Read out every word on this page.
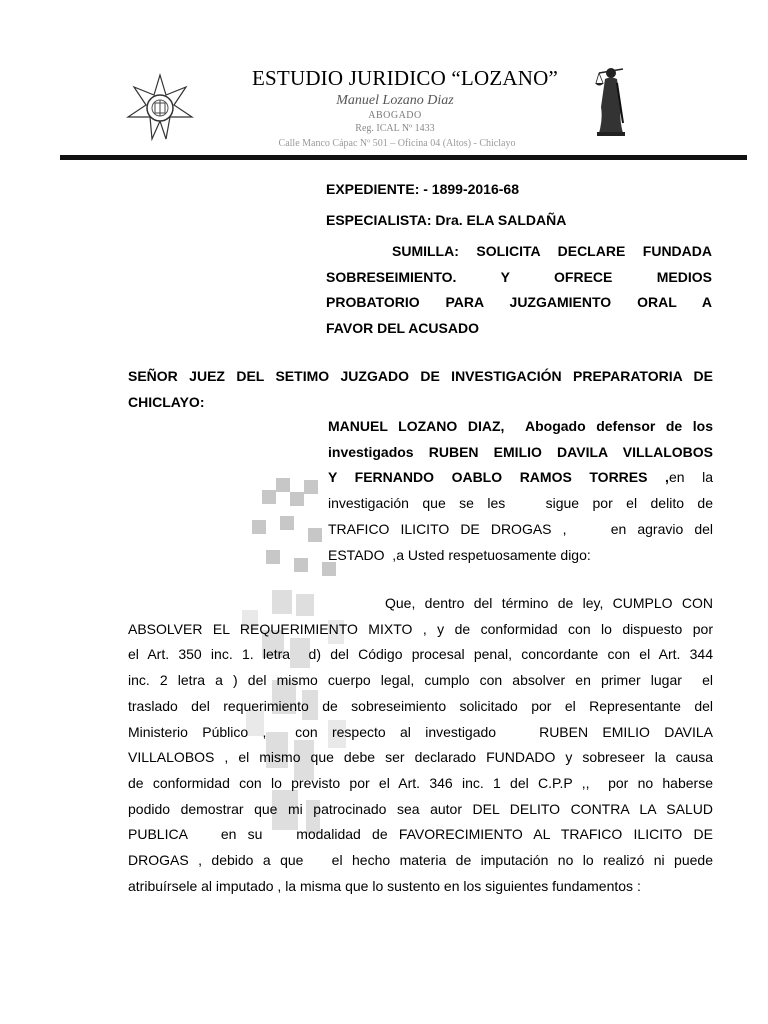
ESTUDIO JURIDICO “LOZANO”
Manuel Lozano Diaz
ABOGADO
Reg. ICAL Nº 1433
Calle Manco Cápac Nº 501 – Oficina 04 (Altos) - Chiclayo
EXPEDIENTE: - 1899-2016-68
ESPECIALISTA: Dra. ELA SALDAÑA
SUMILLA: SOLICITA DECLARE FUNDADA
SOBRESEIMIENTO. Y OFRECE MEDIOS
PROBATORIO PARA JUZGAMIENTO ORAL A
FAVOR DEL ACUSADO
SEÑOR JUEZ DEL SETIMO JUZGADO DE INVESTIGACIÓN PREPARATORIA DE
CHICLAYO:
MANUEL LOZANO DIAZ,  Abogado defensor de los
investigados RUBEN EMILIO DAVILA VILLALOBOS
Y FERNANDO OABLO RAMOS TORRES ,en la
investigación que se les   sigue por el delito de
TRAFICO ILICITO DE DROGAS ,    en agravio del
ESTADO  ,a Usted respetuosamente digo:
Que, dentro del término de ley, CUMPLO CON
ABSOLVER EL REQUERIMIENTO MIXTO , y de conformidad con lo dispuesto por
el Art. 350 inc. 1. letra  d) del Código procesal penal, concordante con el Art. 344
inc. 2 letra a ) del mismo cuerpo legal, cumplo con absolver en primer lugar  el
traslado del requerimiento de sobreseimiento solicitado por el Representante del
Ministerio Público ,  con respecto al investigado   RUBEN EMILIO DAVILA
VILLALOBOS , el mismo que debe ser declarado FUNDADO y sobreseer la causa
de conformidad con lo previsto por el Art. 346 inc. 1 del C.P.P ,,  por no haberse
podido demostrar que mi patrocinado sea autor DEL DELITO CONTRA LA SALUD
PUBLICA   en su   modalidad de FAVORECIMIENTO AL TRAFICO ILICITO DE
DROGAS , debido a que   el hecho materia de imputación no lo realizó ni puede
atribuírsele al imputado , la misma que lo sustento en los siguientes fundamentos :
